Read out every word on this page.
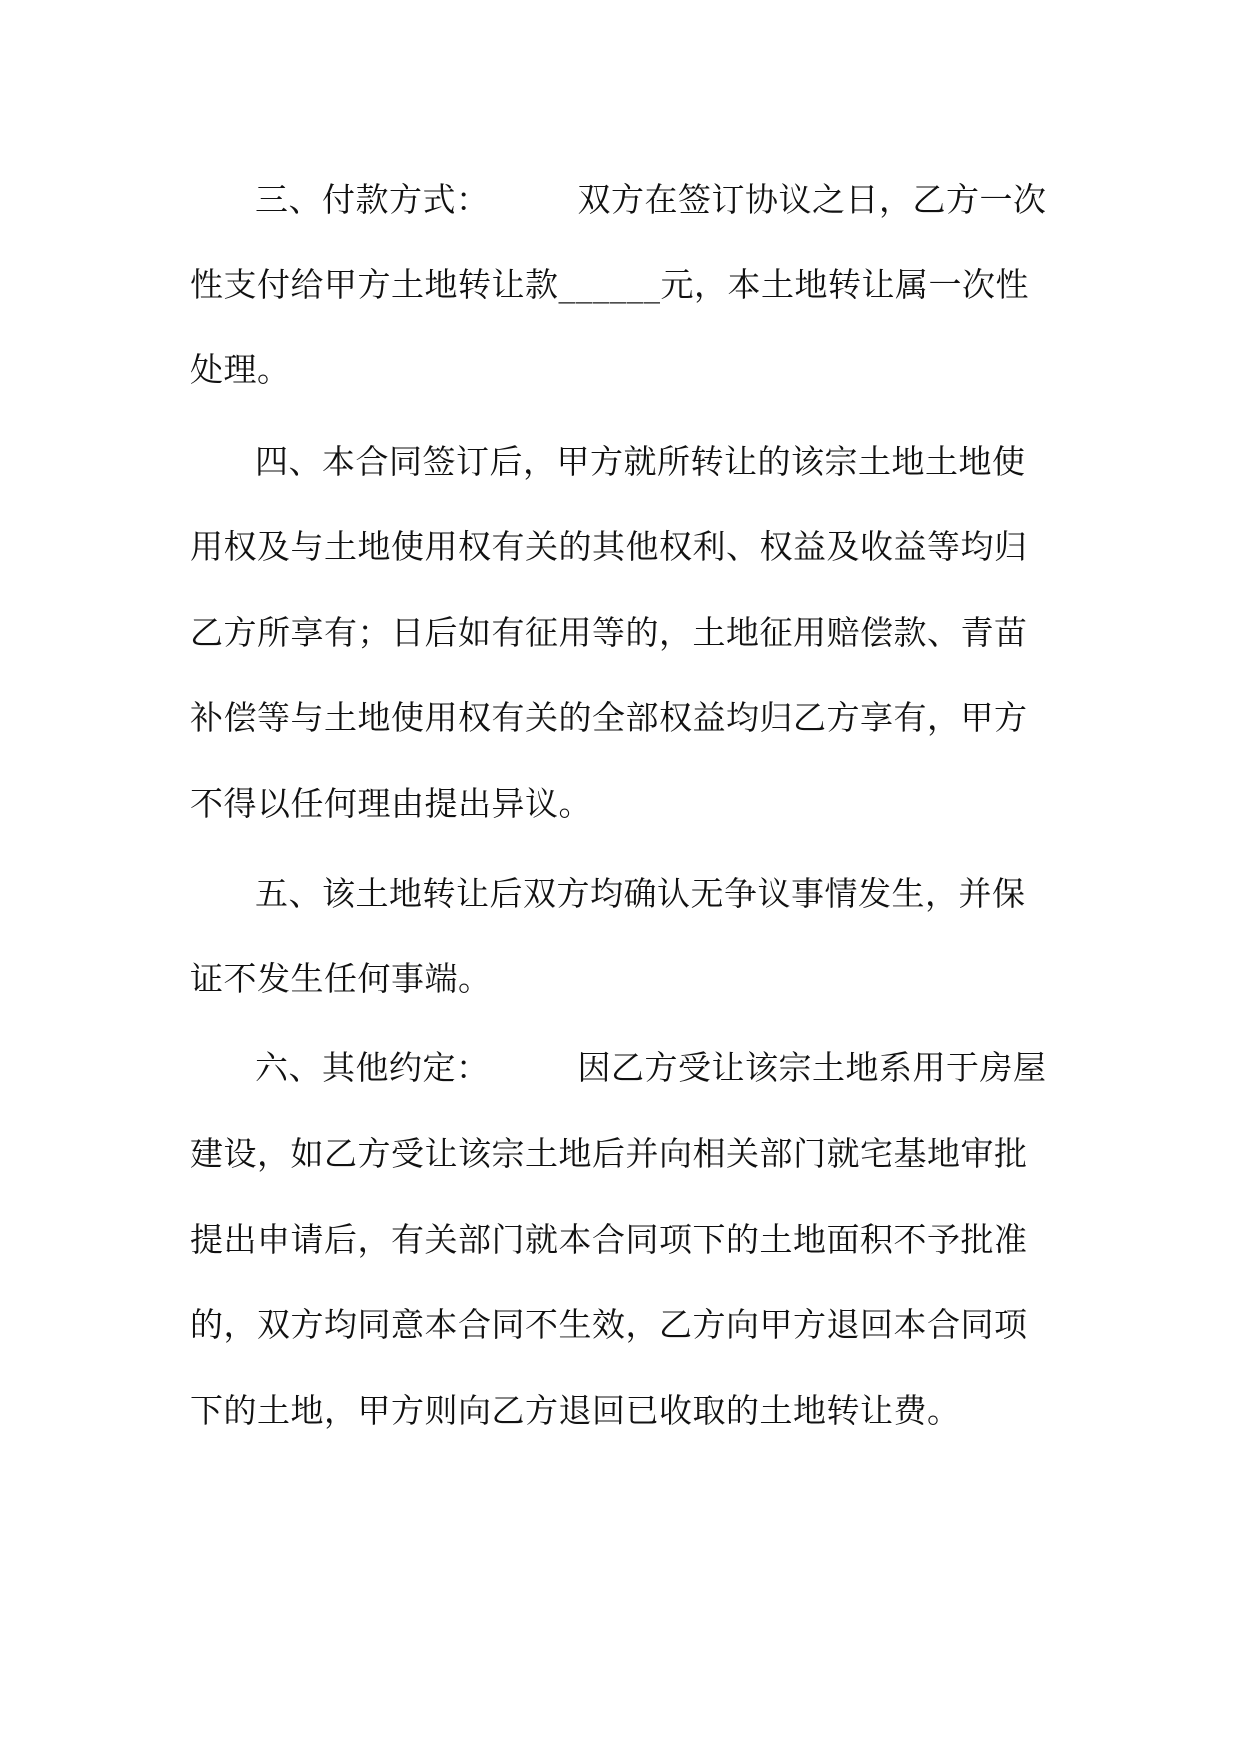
三、付款方式：	双方在签订协议之日，乙方一次
性支付给甲方土地转让款______元，本土地转让属一次性
处理。
四、本合同签订后，甲方就所转让的该宗土地土地使
用权及与土地使用权有关的其他权利、权益及收益等均归
乙方所享有；日后如有征用等的，土地征用赔偿款、青苗
补偿等与土地使用权有关的全部权益均归乙方享有，甲方
不得以任何理由提出异议。
五、该土地转让后双方均确认无争议事情发生，并保
证不发生任何事端。
六、其他约定：	因乙方受让该宗土地系用于房屋
建设，如乙方受让该宗土地后并向相关部门就宅基地审批
提出申请后，有关部门就本合同项下的土地面积不予批准
的，双方均同意本合同不生效，乙方向甲方退回本合同项
下的土地，甲方则向乙方退回已收取的土地转让费。
